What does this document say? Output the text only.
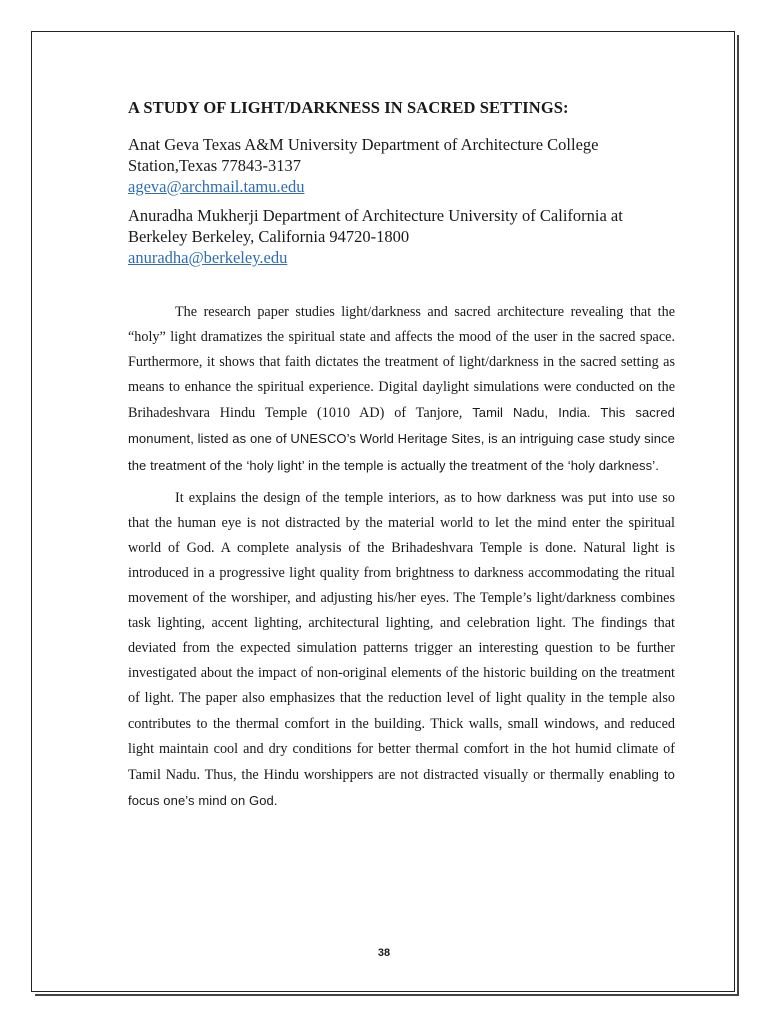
A STUDY OF LIGHT/DARKNESS IN SACRED SETTINGS:
Anat Geva Texas A&M University Department of Architecture College Station,Texas 77843-3137
ageva@archmail.tamu.edu
Anuradha Mukherji Department of Architecture University of California at Berkeley Berkeley, California 94720-1800
anuradha@berkeley.edu

The research paper studies light/darkness and sacred architecture revealing that the “holy” light dramatizes the spiritual state and affects the mood of the user in the sacred space. Furthermore, it shows that faith dictates the treatment of light/darkness in the sacred setting as means to enhance the spiritual experience. Digital daylight simulations were conducted on the Brihadeshvara Hindu Temple (1010 AD) of Tanjore, Tamil Nadu, India. This sacred monument, listed as one of UNESCO’s World Heritage Sites, is an intriguing case study since the treatment of the ‘holy light’ in the temple is actually the treatment of the ‘holy darkness’.

It explains the design of the temple interiors, as to how darkness was put into use so that the human eye is not distracted by the material world to let the mind enter the spiritual world of God. A complete analysis of the Brihadeshvara Temple is done. Natural light is introduced in a progressive light quality from brightness to darkness accommodating the ritual movement of the worshiper, and adjusting his/her eyes. The Temple’s light/darkness combines task lighting, accent lighting, architectural lighting, and celebration light. The findings that deviated from the expected simulation patterns trigger an interesting question to be further investigated about the impact of non-original elements of the historic building on the treatment of light. The paper also emphasizes that the reduction level of light quality in the temple also contributes to the thermal comfort in the building. Thick walls, small windows, and reduced light maintain cool and dry conditions for better thermal comfort in the hot humid climate of Tamil Nadu. Thus, the Hindu worshippers are not distracted visually or thermally enabling to focus one’s mind on God.

38
